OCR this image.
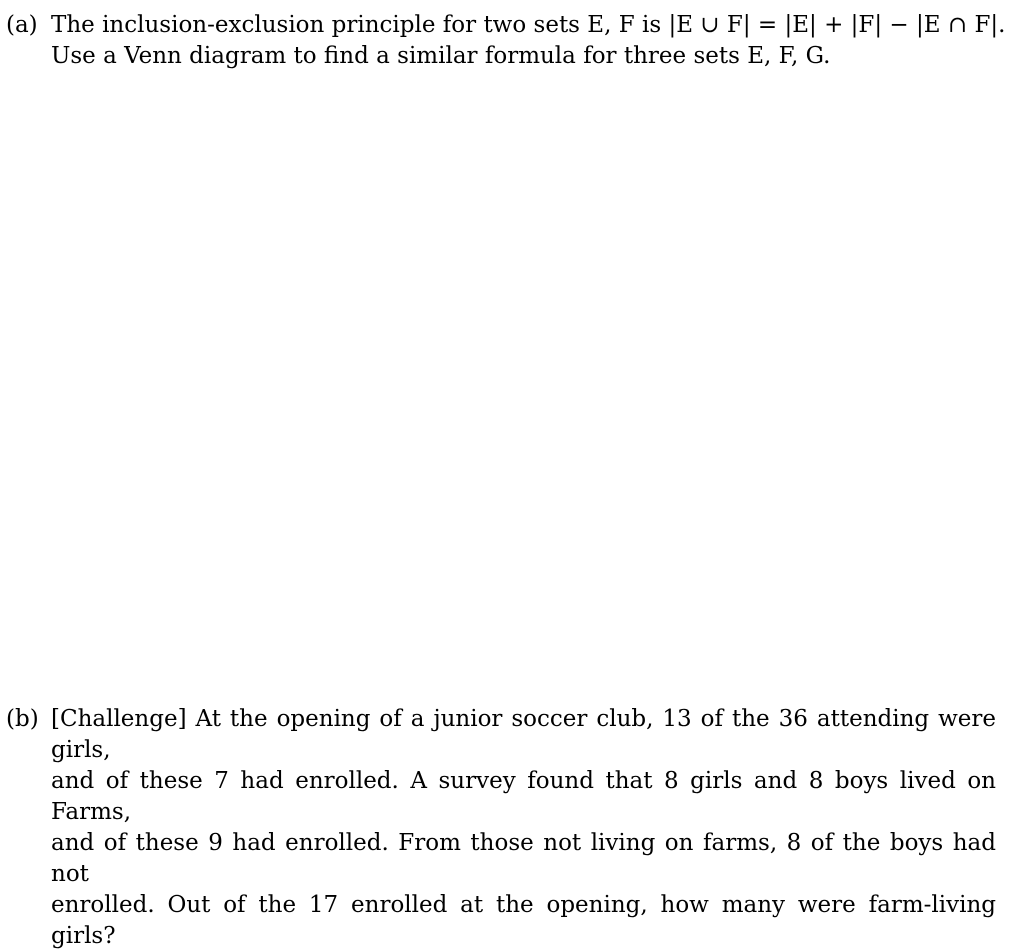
(a) The inclusion-exclusion principle for two sets E, F is |E ∪ F| = |E| + |F| − |E ∩ F|.
Use a Venn diagram to find a similar formula for three sets E, F, G.
(b) [Challenge] At the opening of a junior soccer club, 13 of the 36 attending were girls,
and of these 7 had enrolled. A survey found that 8 girls and 8 boys lived on Farms,
and of these 9 had enrolled. From those not living on farms, 8 of the boys had not
enrolled. Out of the 17 enrolled at the opening, how many were farm-living girls?
